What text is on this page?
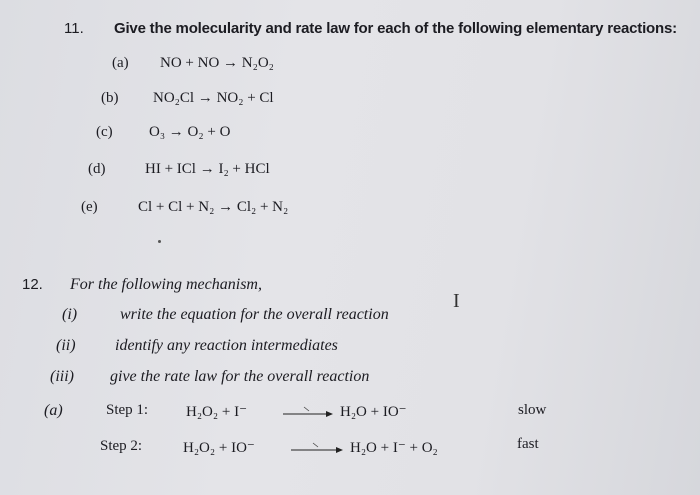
11. Give the molecularity and rate law for each of the following elementary reactions:
(a) NO + NO → N₂O₂
(b) NO₂Cl → NO₂ + Cl
(c) O₃ → O₂ + O
(d)	HI + ICl → I₂ + HCl
(e)	Cl + Cl + N₂ → Cl₂ + N₂
12. For the following mechanism,
(i)	write the equation for the overall reaction
(ii) identify any reaction intermediates
(iii) give the rate law for the overall reaction
I
(a)	Step 1:	H₂O₂ + I⁻	H₂O + IO⁻	slow
Step 2:	H₂O₂ + IO⁻	H₂O + I⁻ + O₂	fast
